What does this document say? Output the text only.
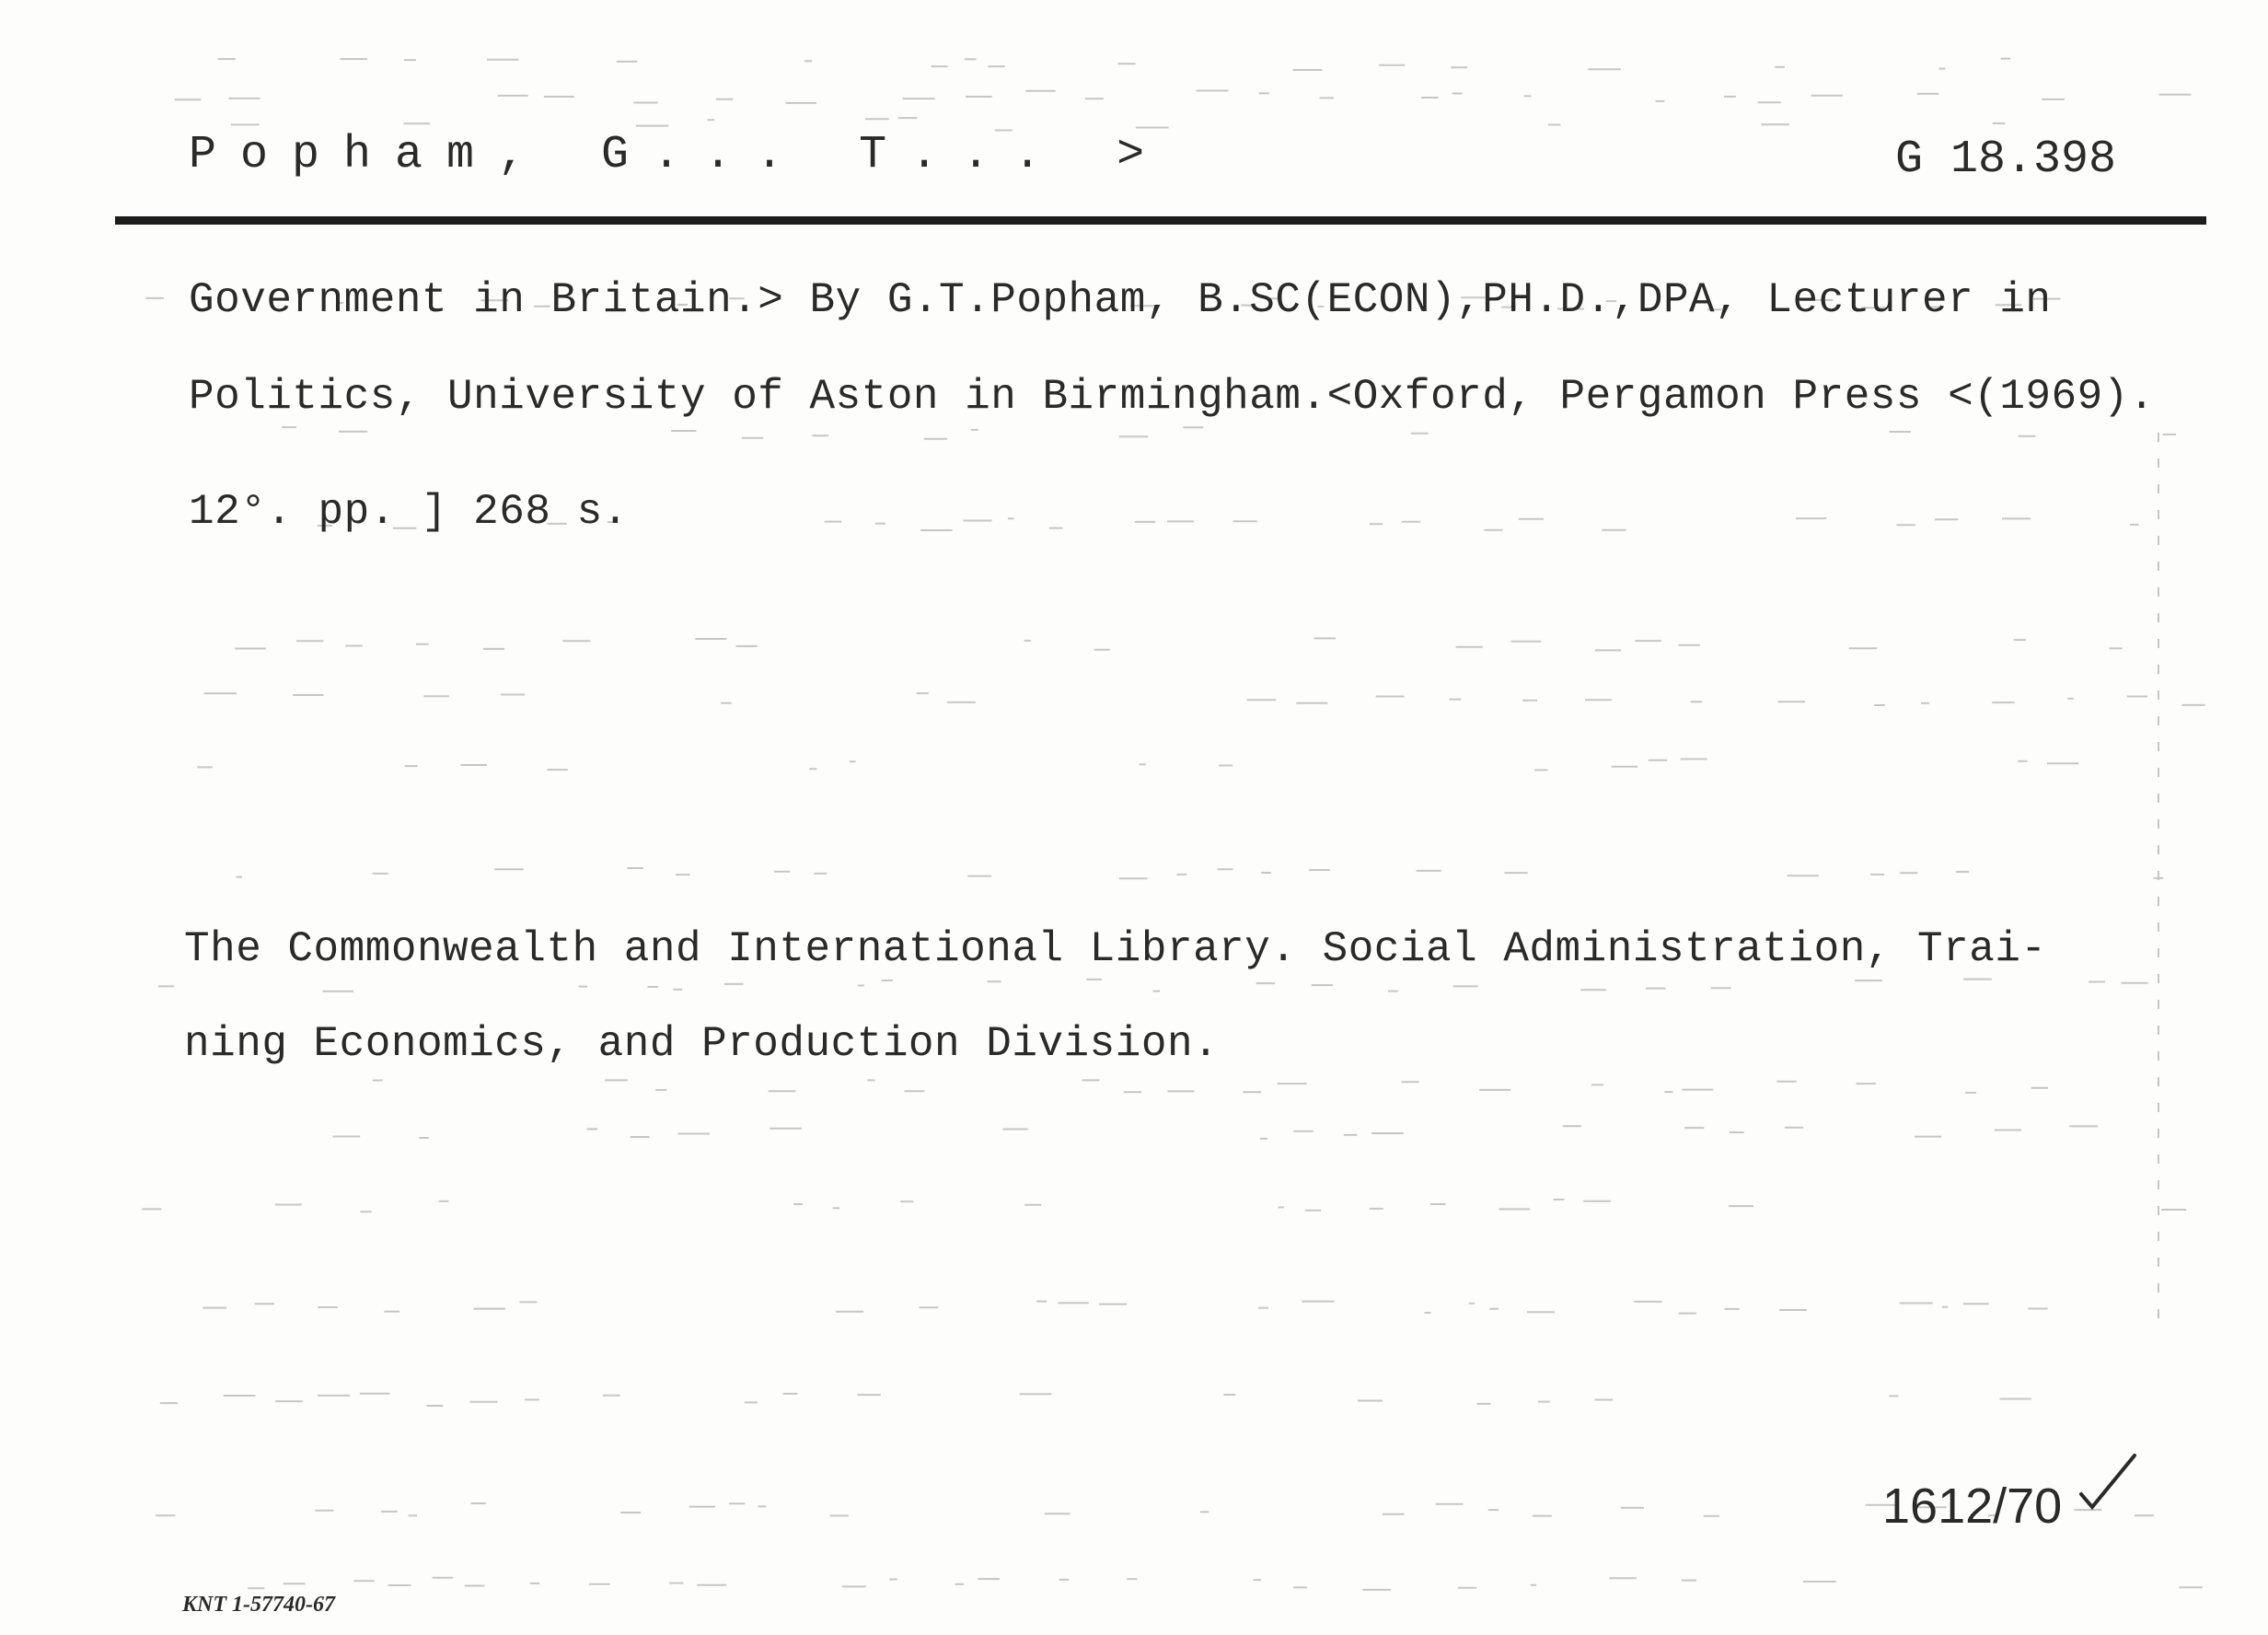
Popham, G... T... >	G 18.398
Government in Britain.> By G.T.Popham, B.SC(ECON),PH.D.,DPA, Lecturer in
Politics, University of Aston in Birmingham.<Oxford, Pergamon Press <(1969).
12°. pp. ] 268 s.
The Commonwealth and International Library. Social Administration, Trai-
ning Economics, and Production Division.
1612/70
KNT 1-57740-67
